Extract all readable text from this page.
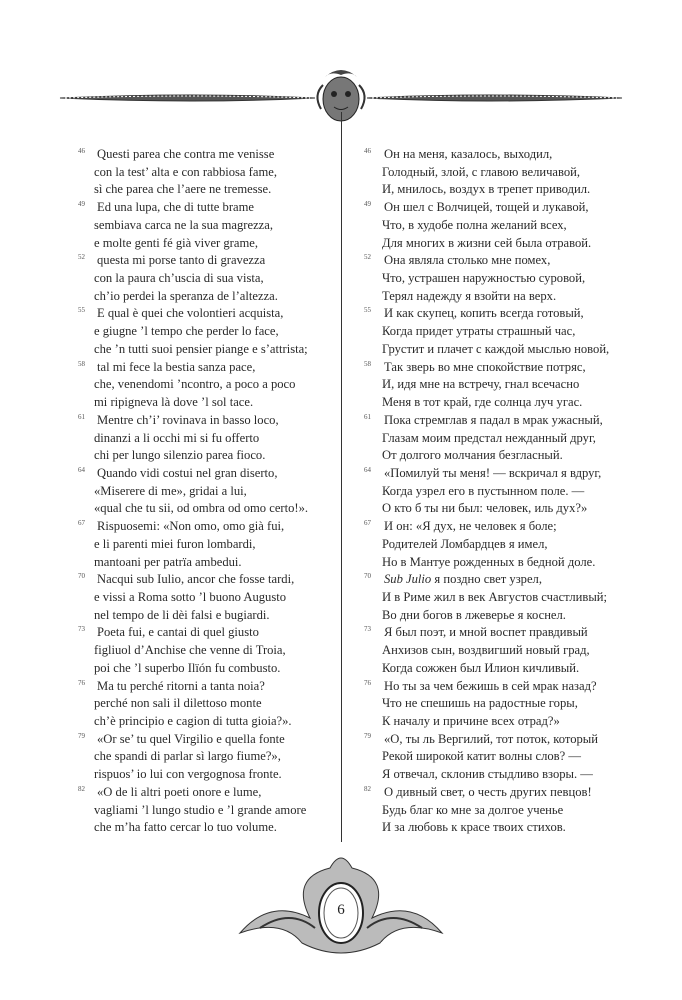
46 Questi parea che contra me venisse
con la test’ alta e con rabbiosa fame,
sì che parea che l’aere ne tremesse.
49 Ed una lupa, che di tutte brame
sembiava carca ne la sua magrezza,
e molte genti fé già viver grame,
52 questa mi porse tanto di gravezza
con la paura ch’uscia di sua vista,
ch’io perdei la speranza de l’altezza.
55 E qual è quei che volontieri acquista,
e giugne ’l tempo che perder lo face,
che ’n tutti suoi pensier piange e s’attrista;
58 tal mi fece la bestia sanza pace,
che, venendomi ’ncontro, a poco a poco
mi ripigneva là dove ’l sol tace.
61 Mentre ch’i’ rovinava in basso loco,
dinanzi a li occhi mi si fu offerto
chi per lungo silenzio parea fioco.
64 Quando vidi costui nel gran diserto,
«Miserere di me», gridai a lui,
«qual che tu sii, od ombra od omo certo!».
67 Rispuosemi: «Non omo, omo già fui,
e li parenti miei furon lombardi,
mantoani per patrïa ambedui.
70 Nacqui sub Iulio, ancor che fosse tardi,
e vissi a Roma sotto ’l buono Augusto
nel tempo de li dèi falsi e bugiardi.
73 Poeta fui, e cantai di quel giusto
figliuol d’Anchise che venne di Troia,
poi che ’l superbo Ilïón fu combusto.
76 Ma tu perché ritorni a tanta noia?
perché non sali il dilettoso monte
ch’è principio e cagion di tutta gioia?».
79 «Or se’ tu quel Virgilio e quella fonte
che spandi di parlar sì largo fiume?»,
rispuos’ io lui con vergognosa fronte.
82 «O de li altri poeti onore e lume,
vagliami ’l lungo studio e ’l grande amore
che m’ha fatto cercar lo tuo volume.
46	Он на меня, казалось, выходил,
Голодный, злой, с главою величавой,
И, мнилось, воздух в трепет приводил.
49	Он шел с Волчицей, тощей и лукавой,
Что, в худобе полна желаний всех,
Для многих в жизни сей была отравой.
52	Она являла столько мне помех,
Что, устрашен наружностью суровой,
Терял надежду я взойти на верх.
55	И как скупец, копить всегда готовый,
Когда придет утраты страшный час,
Грустит и плачет с каждой мыслью новой,
58	Так зверь во мне спокойствие потряс,
И, идя мне на встречу, гнал всечасно
Меня в тот край, где солнца луч угас.
61	Пока стремглав я падал в мрак ужасный,
Глазам моим предстал нежданный друг,
От долгого молчания безгласный.
64	«Помилуй ты меня! — вскричал я вдруг,
Когда узрел его в пустынном поле. —
О кто б ты ни был: человек, иль дух?»
67	И он: «Я дух, не человек я боле;
Родителей Ломбардцев я имел,
Но в Мантуе рожденных в бедной доле.
70	Sub Julio я поздно свет узрел,
И в Риме жил в век Августов счастливый;
Во дни богов в лжеверье я коснел.
73	Я был поэт, и мной воспет правдивый
Анхизов сын, воздвигший новый град,
Когда сожжен был Илион кичливый.
76	Но ты за чем бежишь в сей мрак назад?
Что не спешишь на радостные горы,
К началу и причине всех отрад?»
79	«О, ты ль Вергилий, тот поток, который
Рекой широкой катит волны слов? —
Я отвечал, склонив стыдливо взоры. —
82	О дивный свет, о честь других певцов!
Будь благ ко мне за долгое ученье
И за любовь к красе твоих стихов.
6
